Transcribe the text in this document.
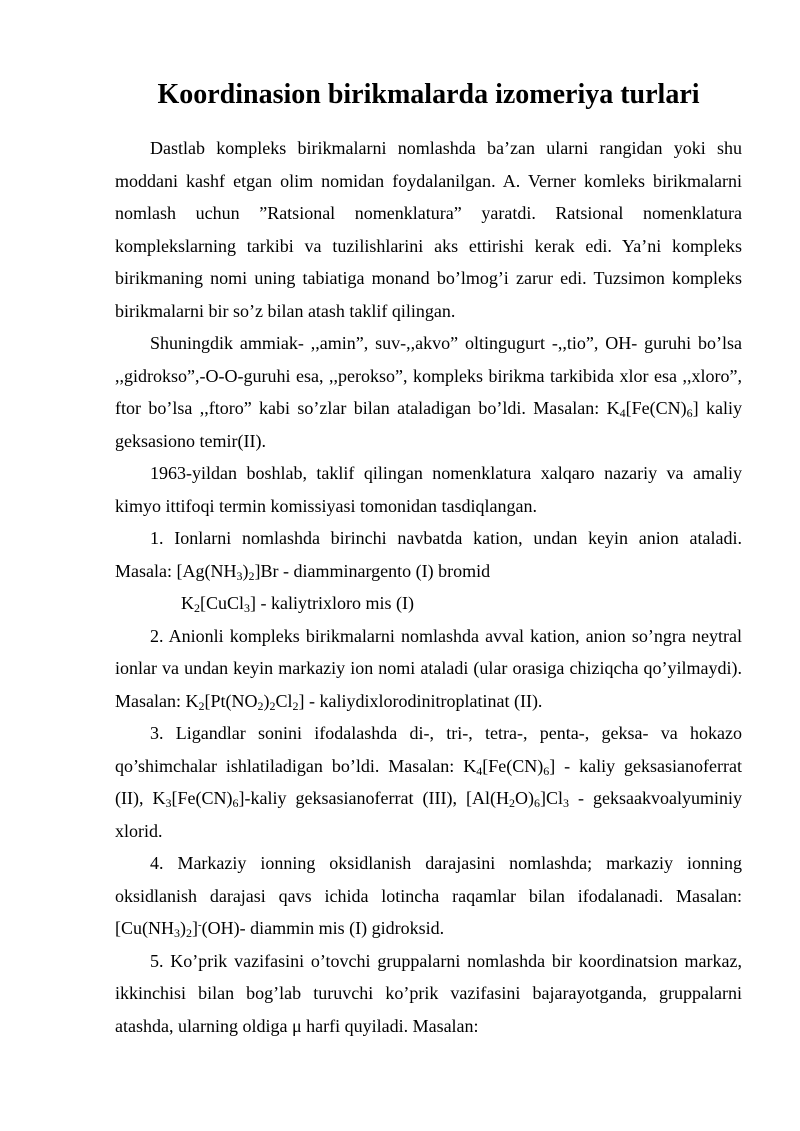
Koordinasion birikmalarda izomeriya turlari

Dastlab kompleks birikmalarni nomlashda ba’zan ularni rangidan yoki shu moddani kashf etgan olim nomidan foydalanilgan. A. Verner komleks birikmalarni nomlash uchun ”Ratsional nomenklatura” yaratdi. Ratsional nomenklatura komplekslarning tarkibi va tuzilishlarini aks ettirishi kerak edi. Ya’ni kompleks birikmaning nomi uning tabiatiga monand bo’lmog’i zarur edi. Tuzsimon kompleks birikmalarni bir so’z bilan atash taklif qilingan.

Shuningdik ammiak- ,,amin”, suv-,,akvo” oltingugurt -,,tio”, OH- guruhi bo’lsa ,,gidrokso”,-O-O-guruhi esa, ,,perokso”, kompleks birikma tarkibida xlor esa ,,xloro”, ftor bo’lsa ,,ftoro” kabi so’zlar bilan ataladigan bo’ldi. Masalan: $K_4[Fe(CN)_6]$ kaliy geksasiono temir(II).

1963-yildan boshlab, taklif qilingan nomenklatura xalqaro nazariy va amaliy kimyo ittifoqi termin komissiyasi tomonidan tasdiqlangan.

1. Ionlarni nomlashda birinchi navbatda kation, undan keyin anion ataladi. Masala: $[Ag(NH_3)_2]Br$ - diamminargento (I) bromid

$K_2[CuCl_3]$ - kaliytrixloro mis (I)

2. Anionli kompleks birikmalarni nomlashda avval kation, anion so’ngra neytral ionlar va undan keyin markaziy ion nomi ataladi (ular orasiga chiziqcha qo’yilmaydi). Masalan: $K_2[Pt(NO_2)_2Cl_2]$ - kaliydixlorodinitroplatinat (II).

3. Ligandlar sonini ifodalashda di-, tri-, tetra-, penta-, geksa- va hokazo qo’shimchalar ishlatiladigan bo’ldi. Masalan: $K_4[Fe(CN)_6]$ - kaliy geksasianoferrat (II), $K_3[Fe(CN)_6]$-kaliy geksasianoferrat (III), $[Al(H_2O)_6]Cl_3$ - geksaakvoalyuminiy xlorid.

4. Markaziy ionning oksidlanish darajasini nomlashda; markaziy ionning oksidlanish darajasi qavs ichida lotincha raqamlar bilan ifodalanadi. Masalan: $[Cu(NH_3)_2]^-(OH)-$ diammin mis (I) gidroksid.

5. Ko’prik vazifasini o’tovchi gruppalarni nomlashda bir koordinatsion markaz, ikkinchisi bilan bog’lab turuvchi ko’prik vazifasini bajarayotganda, gruppalarni atashda, ularning oldiga μ harfi quyiladi. Masalan:
